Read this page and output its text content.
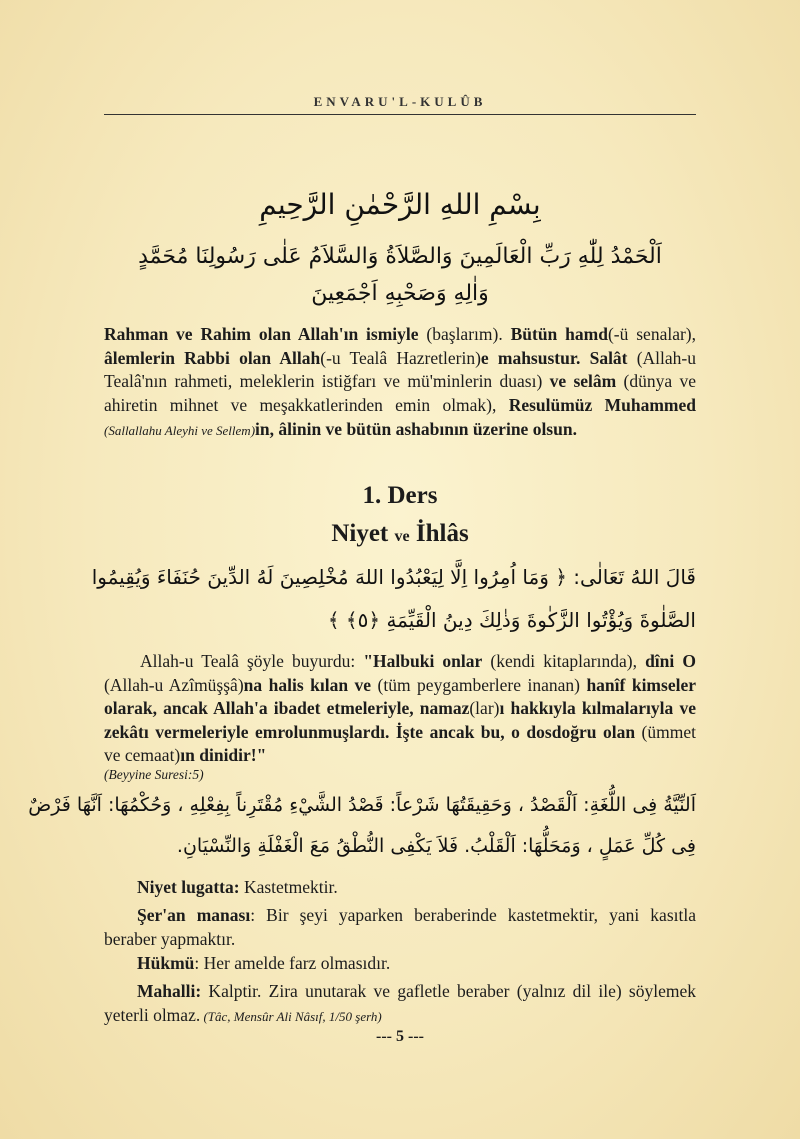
ENVARU'L-KULÛB
بِسْمِ اللهِ الرَّحْمٰنِ الرَّحِيمِ
اَلْحَمْدُ لِلّٰهِ رَبِّ الْعَالَمِينَ وَالصَّلاَةُ وَالسَّلاَمُ عَلٰى رَسُولِنَا مُحَمَّدٍ
وَاٰلِهِ وَصَحْبِهِ اَجْمَعِينَ
Rahman ve Rahim olan Allah'ın ismiyle (başlarım). Bütün hamd(-ü senalar), âlemlerin Rabbi olan Allah(-u Tealâ Hazretlerin)e mahsustur. Salât (Allah-u Tealâ'nın rahmeti, meleklerin istiğfarı ve mü'minlerin duası) ve selâm (dünya ve ahiretin mihnet ve meşakkatlerinden emin olmak), Resulümüz Muhammed (Sallallahu Aleyhi ve Sellem)in, âlinin ve bütün ashabının üzerine olsun.
1. Ders
Niyet ve İhlâs
قَالَ اللهُ تَعَالٰى: ﴿ وَمَا اُمِرُوا اِلَّا لِيَعْبُدُوا اللهَ مُخْلِصِينَ لَهُ الدِّينَ حُنَفَاءَ وَيُقِيمُوا
الصَّلٰوةَ وَيُؤْتُوا الزَّكٰوةَ وَذٰلِكَ دِينُ الْقَيِّمَةِ ﴿٥﴾ ﴾
Allah-u Tealâ şöyle buyurdu: "Halbuki onlar (kendi kitaplarında), dîni O (Allah-u Azîmüşşâ)na halis kılan ve (tüm peygamberlere inanan) hanîf kimseler olarak, ancak Allah'a ibadet etmeleriyle, namaz(lar)ı hakkıyla kılmalarıyla ve zekâtı vermeleriyle emrolunmuşlardı. İşte ancak bu, o dosdoğru olan (ümmet ve cemaat)ın dinidir!"
(Beyyine Suresi:5)
اَلنِّيَّةُ فِى اللُّغَةِ: اَلْقَصْدُ ، وَحَقِيقَتُهَا شَرْعاً: قَصْدُ الشَّيْءِ مُقْتَرِناً بِفِعْلِهِ ، وَحُكْمُهَا: اَنَّهَا فَرْضٌ
فِى كُلِّ عَمَلٍ ، وَمَحَلُّهَا: اَلْقَلْبُ. فَلاَ يَكْفِى النُّطْقُ مَعَ الْغَفْلَةِ وَالنِّسْيَانِ.
Niyet lugatta: Kastetmektir.
Şer'an manası: Bir şeyi yaparken beraberinde kastetmektir, yani kasıtla beraber yapmaktır.
Hükmü: Her amelde farz olmasıdır.
Mahalli: Kalptir. Zira unutarak ve gafletle beraber (yalnız dil ile) söylemek yeterli olmaz. (Tâc, Mensûr Ali Nâsıf, 1/50 şerh)
--- 5 ---
